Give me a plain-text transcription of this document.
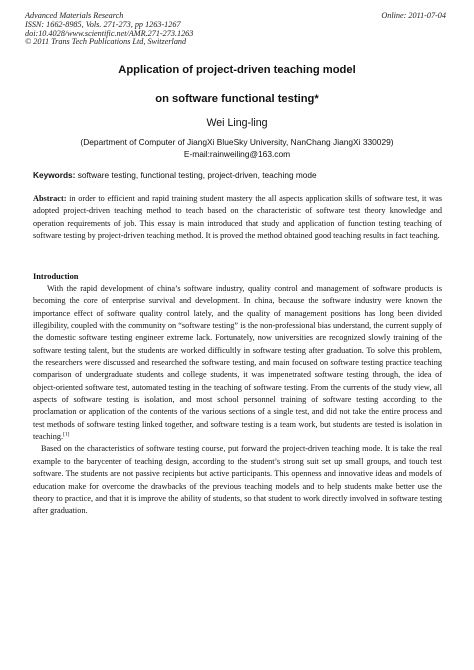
Advanced Materials Research
ISSN: 1662-8985, Vols. 271-273, pp 1263-1267
doi:10.4028/www.scientific.net/AMR.271-273.1263
© 2011 Trans Tech Publications Ltd, Switzerland
Online: 2011-07-04
Application of project-driven teaching model
on software functional testing*
Wei Ling-ling
(Department of Computer of JiangXi BlueSky University, NanChang JiangXi 330029)
E-mail:rainweiling@163.com
Keywords: software testing, functional testing, project-driven, teaching mode
Abstract: in order to efficient and rapid training student mastery the all aspects application skills of software test, it was adopted project-driven teaching method to teach based on the characteristic of software test theory knowledge and operation requirements of job. This essay is main introduced that study and application of function testing teaching of software testing by project-driven teaching method. It is proved the method obtained good teaching results in fact teaching.
Introduction

With the rapid development of china’s software industry, quality control and management of software products is becoming the core of enterprise survival and development. In china, because the software industry were known the importance effect of software quality control lately, and the quality of management positions has long been divided illegibility, coupled with the community on “software testing” is the non-professional bias understand, the current supply of the domestic software testing engineer extreme lack. Fortunately, now universities are recognized slowly training of the software testing talent, but the students are worked difficultly in software testing after graduation. To solve this problem, the researchers were discussed and researched the software testing, and main focused on software testing practice teaching comparison of undergraduate students and college students, it was impenetrated software testing through, the idea of object-oriented software test, automated testing in the teaching of software testing. From the currents of the study view, all aspects of software testing is isolation, and most school personnel training of software testing according to the proclamation or application of the contents of the various sections of a single test, and did not take the entire process and test methods of software testing linked together, and software testing is a team work, but students are tested is isolation in teaching.[1]

Based on the characteristics of software testing course, put forward the project-driven teaching mode. It is take the real example to the barycenter of teaching design, according to the student’s strong suit set up small groups, and touch test software. The students are not passive recipients but active participants. This openness and innovative ideas and models of education make for overcome the drawbacks of the previous teaching models and to help students make better use the theory to practice, and that it is improve the ability of students, so that student to work directly involved in software testing after graduation.
